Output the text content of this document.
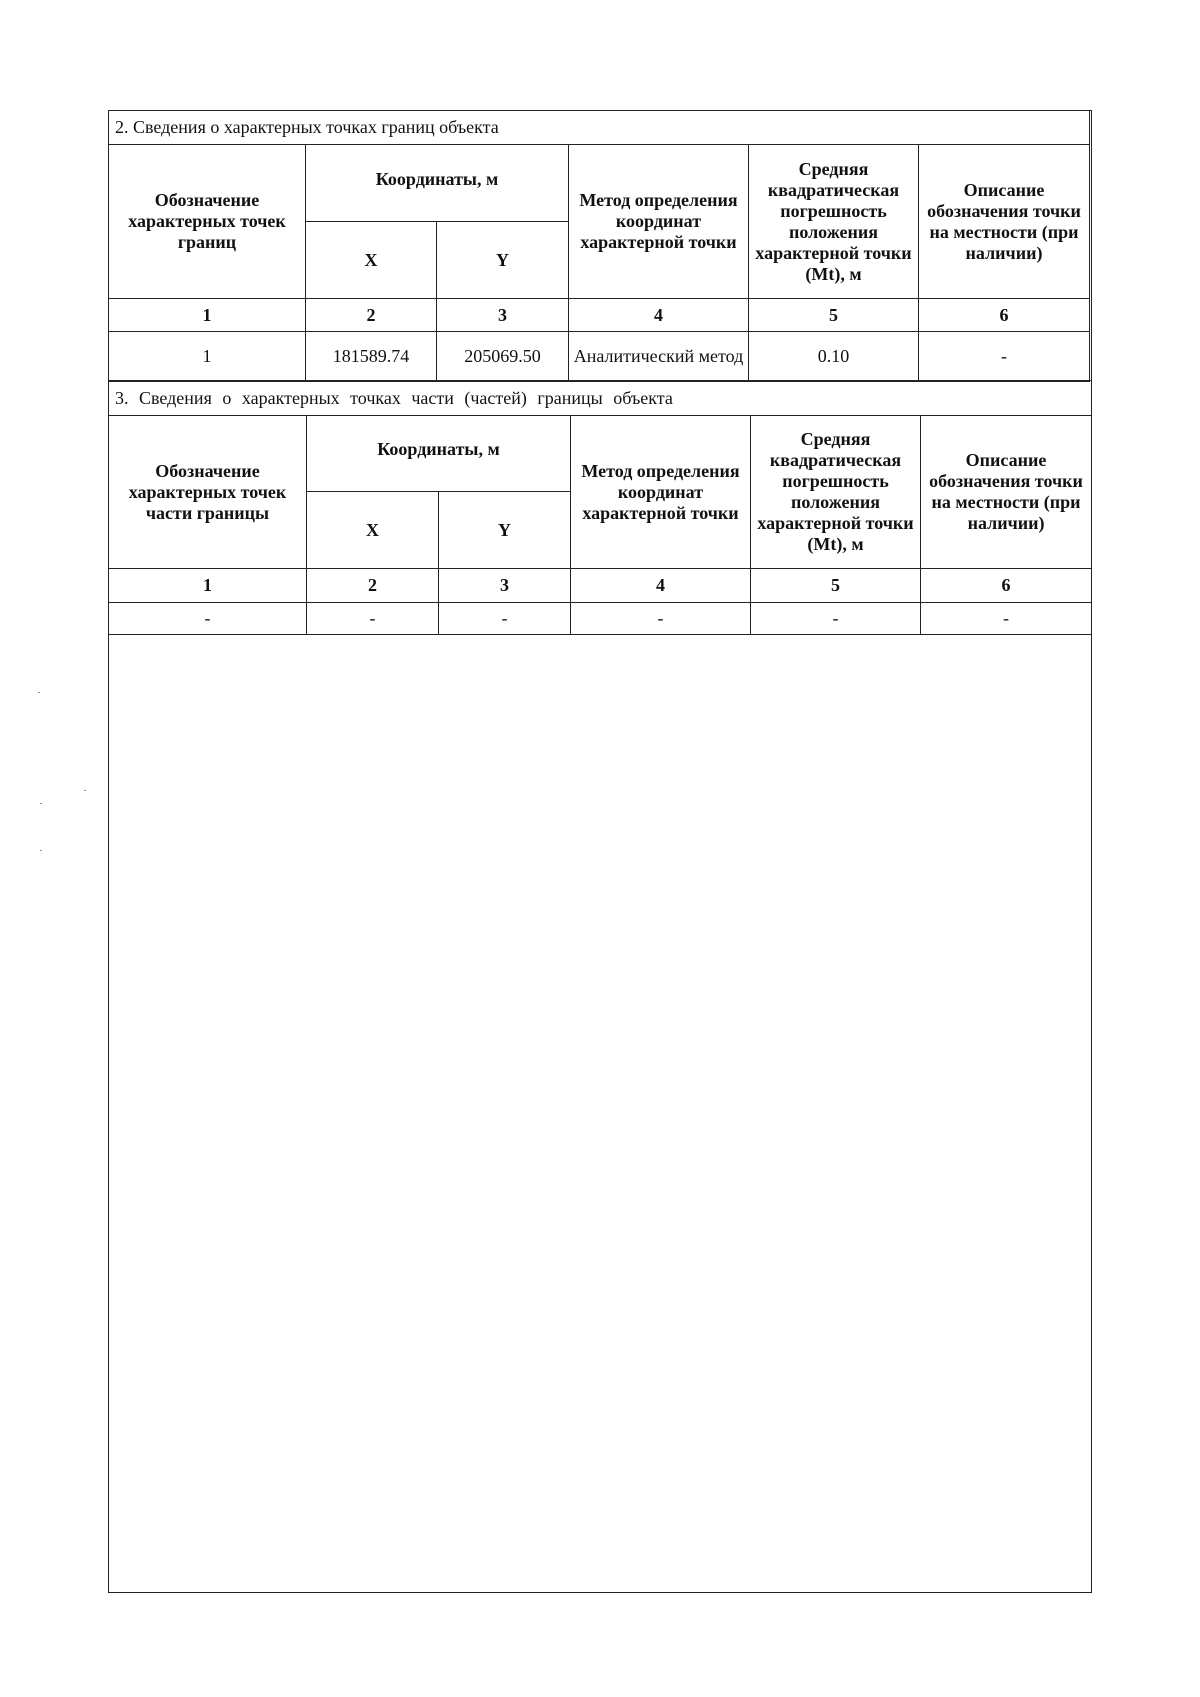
2. Сведения о характерных точках границ объекта					
Обозначение характерных точек границ	Координаты, м		Метод определения координат характерной точки	Средняя квадратическая погрешность положения характерной точки (Mt), м	Описание обозначения точки на местности (при наличии)
	X	Y			
1	2	3	4	5	6
1	181589.74	205069.50	Аналитический метод	0.10	-
3. Сведения о характерных точках части (частей) границы объекта					
Обозначение характерных точек части границы	Координаты, м		Метод определения координат характерной точки	Средняя квадратическая погрешность положения характерной точки (Mt), м	Описание обозначения точки на местности (при наличии)
	X	Y			
1	2	3	4	5	6
-	-	-	-	-	-
